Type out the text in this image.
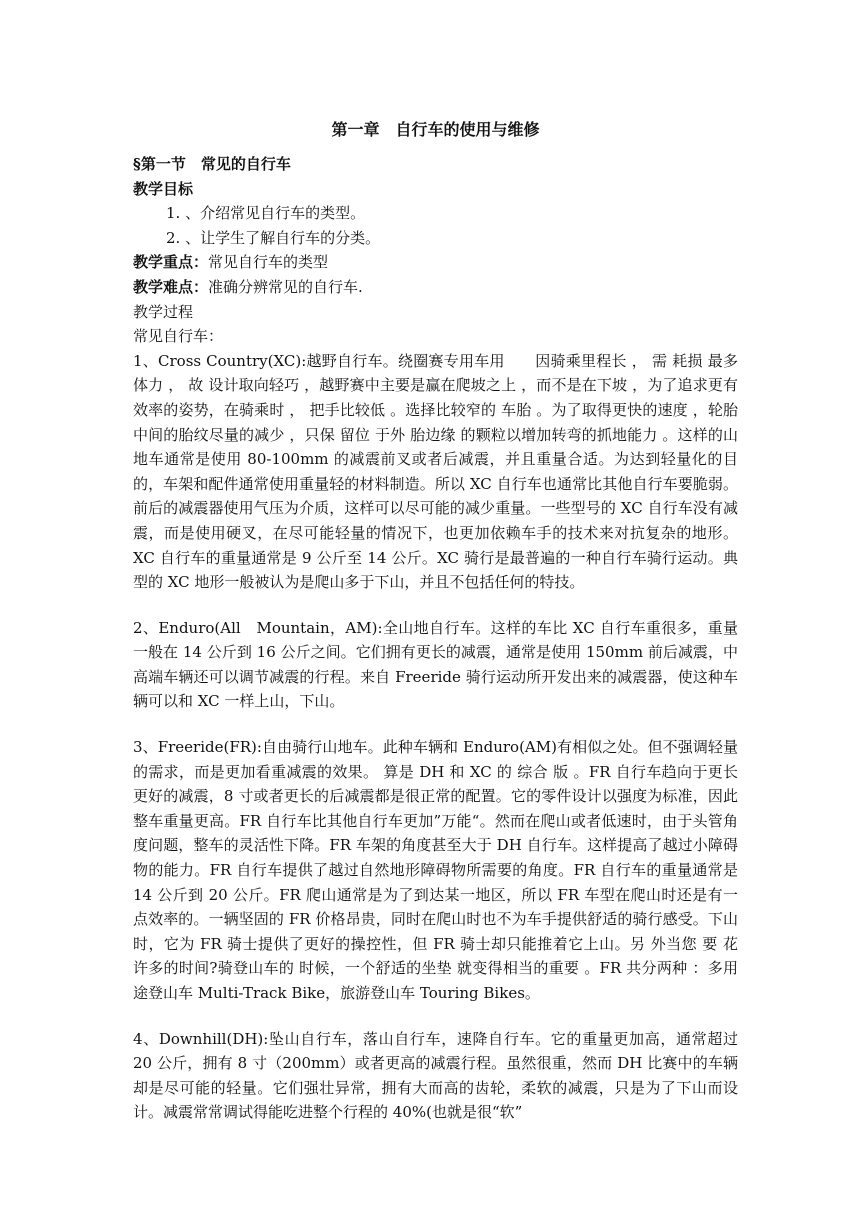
第一章　自行车的使用与维修
§第一节　常见的自行车
教学目标
1. 、介绍常见自行车的类型。
2. 、让学生了解自行车的分类。
教学重点：常见自行车的类型
教学难点：准确分辨常见的自行车.
教学过程
常见自行车：
1、Cross Country(XC):越野自行车。绕圈赛专用车用　　因骑乘里程长 ， 需 耗损 最多体力 ， 故 设计取向轻巧 ，越野赛中主要是赢在爬坡之上 ，而不是在下坡 ，为了追求更有效率的姿势，在骑乘时 ， 把手比较低 。选择比较窄的 车胎 。为了取得更快的速度 ，轮胎中间的胎纹尽量的减少 ，只保 留位 于外 胎边缘 的颗粒以增加转弯的抓地能力 。这样的山地车通常是使用 80-100mm 的减震前叉或者后减震，并且重量合适。为达到轻量化的目的，车架和配件通常使用重量轻的材料制造。所以 XC 自行车也通常比其他自行车要脆弱。前后的减震器使用气压为介质，这样可以尽可能的减少重量。一些型号的 XC 自行车没有减震，而是使用硬叉，在尽可能轻量的情况下，也更加依赖车手的技术来对抗复杂的地形。XC 自行车的重量通常是 9 公斤至 14 公斤。XC 骑行是最普遍的一种自行车骑行运动。典型的 XC 地形一般被认为是爬山多于下山，并且不包括任何的特技。
2、Enduro(All　Mountain，AM):全山地自行车。这样的车比 XC 自行车重很多，重量一般在 14 公斤到 16 公斤之间。它们拥有更长的减震，通常是使用 150mm 前后减震，中高端车辆还可以调节减震的行程。来自 Freeride 骑行运动所开发出来的减震器，使这种车辆可以和 XC 一样上山，下山。
3、Freeride(FR):自由骑行山地车。此种车辆和 Enduro(AM)有相似之处。但不强调轻量的需求，而是更加看重减震的效果。 算是 DH 和 XC 的 综合 版 。FR 自行车趋向于更长更好的减震，8 寸或者更长的后减震都是很正常的配置。它的零件设计以强度为标准，因此整车重量更高。FR 自行车比其他自行车更加”万能“。然而在爬山或者低速时，由于头管角度问题，整车的灵活性下降。FR 车架的角度甚至大于 DH 自行车。这样提高了越过小障碍物的能力。FR 自行车提供了越过自然地形障碍物所需要的角度。FR 自行车的重量通常是 14 公斤到 20 公斤。FR 爬山通常是为了到达某一地区，所以 FR 车型在爬山时还是有一点效率的。一辆坚固的 FR 价格昂贵，同时在爬山时也不为车手提供舒适的骑行感受。下山时，它为 FR 骑士提供了更好的操控性，但 FR 骑士却只能推着它上山。另 外当您 要 花 许多的时间?骑登山车的 时候，一个舒适的坐垫 就变得相当的重要 。FR 共分两种 ：多用途登山车 Multi-Track Bike，旅游登山车 Touring Bikes。
4、Downhill(DH):坠山自行车，落山自行车，速降自行车。它的重量更加高，通常超过 20 公斤，拥有 8 寸（200mm）或者更高的减震行程。虽然很重，然而 DH 比赛中的车辆却是尽可能的轻量。它们强壮异常，拥有大而高的齿轮，柔软的减震，只是为了下山而设计。减震常常调试得能吃进整个行程的 40%(也就是很“软”
